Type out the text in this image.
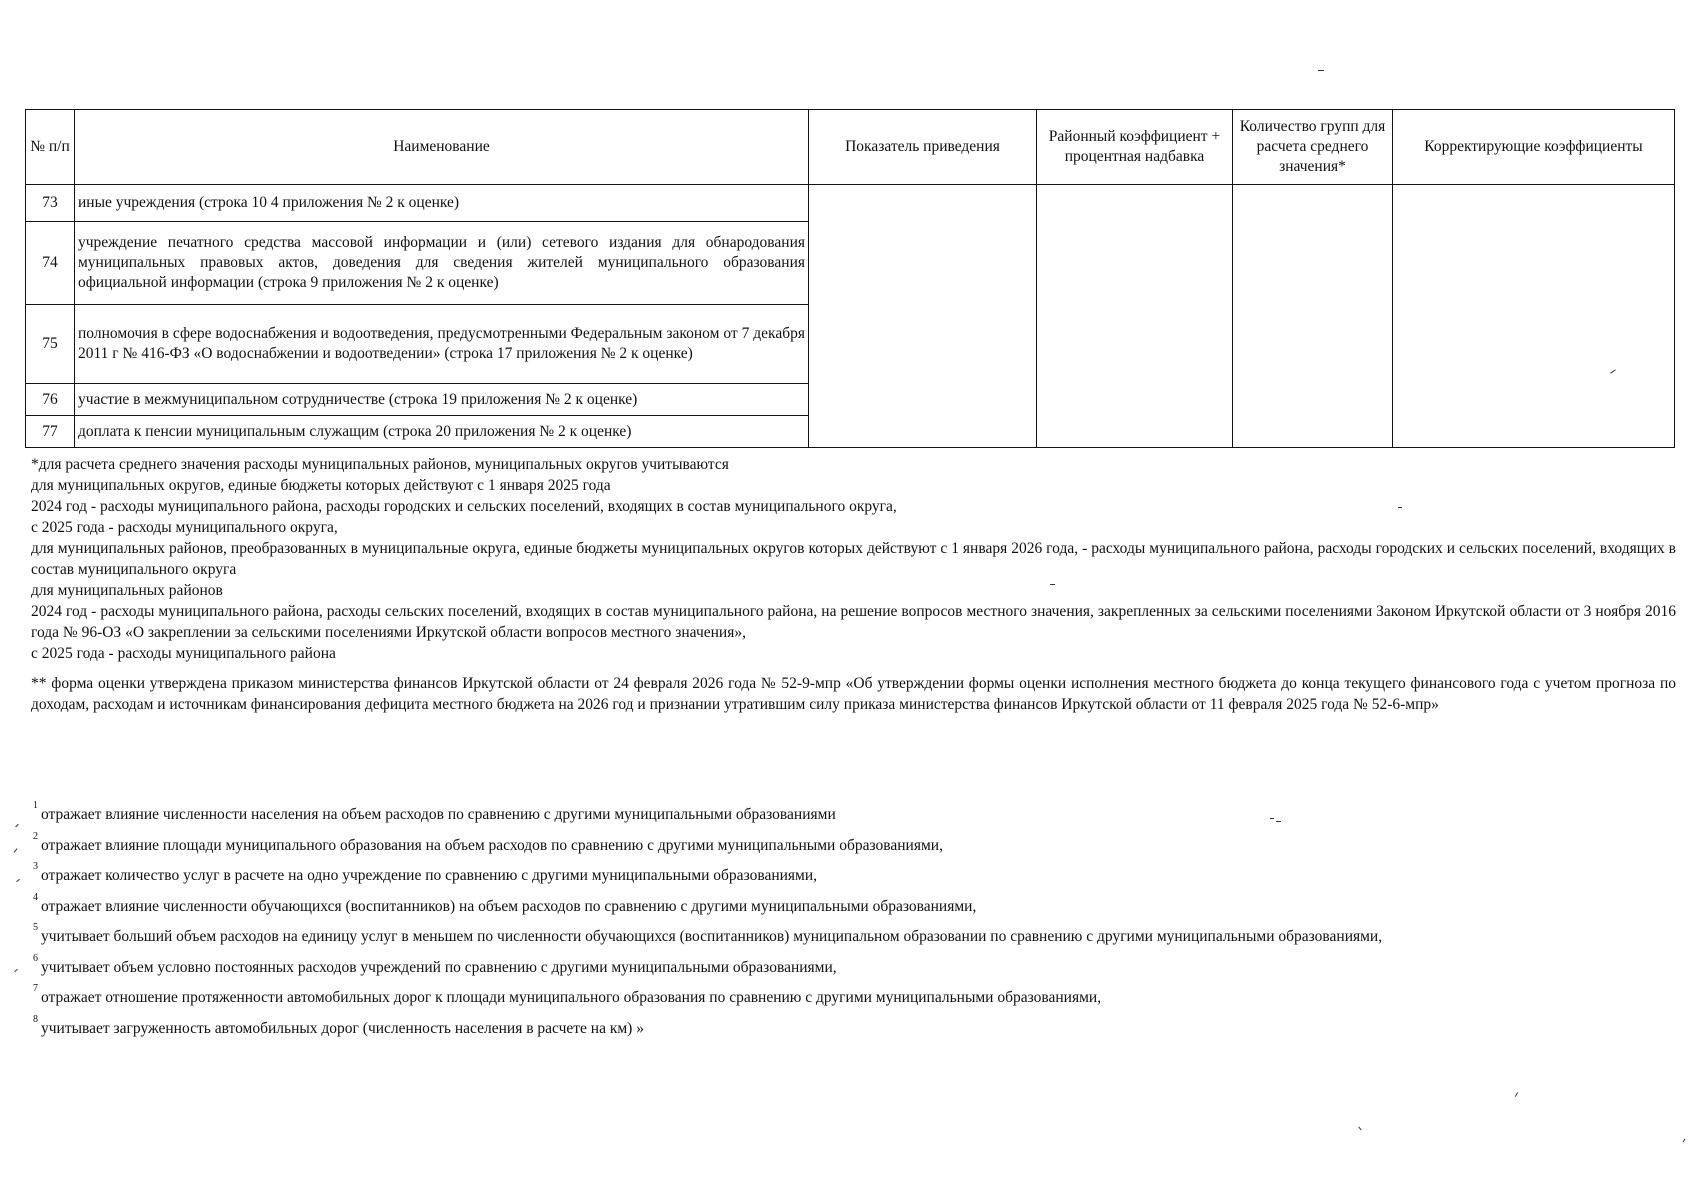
№ п/п	Наименование	Показатель приведения	Районный коэффициент + процентная надбавка	Количество групп для расчета среднего значения*	Корректирующие коэффициенты
73	иные учреждения (строка 10 4 приложения № 2 к оценке)				
74	учреждение печатного средства массовой информации и (или) сетевого издания для обнародования муниципальных правовых актов, доведения для сведения жителей муниципального образования официальной информации (строка 9 приложения № 2 к оценке)				
75	полномочия в сфере водоснабжения и водоотведения, предусмотренными Федеральным законом от 7 декабря 2011 г № 416-ФЗ «О водоснабжении и водоотведении» (строка 17 приложения № 2 к оценке)				
76	участие в межмуниципальном сотрудничестве (строка 19 приложения № 2 к оценке)				
77	доплата к пенсии муниципальным служащим (строка 20 приложения № 2 к оценке)				

*для расчета среднего значения расходы муниципальных районов, муниципальных округов учитываются

для муниципальных округов, единые бюджеты которых действуют с 1 января 2025 года

2024 год - расходы муниципального района, расходы городских и сельских поселений, входящих в состав муниципального округа,

с 2025 года - расходы муниципального округа,

для муниципальных районов, преобразованных в муниципальные округа, единые бюджеты муниципальных округов которых действуют с 1 января 2026 года, - расходы муниципального района, расходы городских и сельских поселений, входящих в состав муниципального округа

для муниципальных районов

2024 год - расходы муниципального района, расходы сельских поселений, входящих в состав муниципального района, на решение вопросов местного значения, закрепленных за сельскими поселениями Законом Иркутской области от 3 ноября 2016 года № 96-ОЗ «О закреплении за сельскими поселениями Иркутской области вопросов местного значения»,

с 2025 года - расходы муниципального района

** форма оценки утверждена приказом министерства финансов Иркутской области от 24 февраля 2026 года № 52-9-мпр «Об утверждении формы оценки исполнения местного бюджета до конца текущего финансового года с учетом прогноза по доходам, расходам и источникам финансирования дефицита местного бюджета на 2026 год и признании утратившим силу приказа министерства финансов Иркутской области от 11 февраля 2025 года № 52-6-мпр»

$^1$отражает влияние численности населения на объем расходов по сравнению с другими муниципальными образованиями
$^2$отражает влияние площади муниципального образования на объем расходов по сравнению с другими муниципальными образованиями,
$^3$отражает количество услуг в расчете на одно учреждение по сравнению с другими муниципальными образованиями,
$^4$отражает влияние численности обучающихся (воспитанников) на объем расходов по сравнению с другими муниципальными образованиями,
$^5$учитывает больший объем расходов на единицу услуг в меньшем по численности обучающихся (воспитанников) муниципальном образовании по сравнению с другими муниципальными образованиями,
$^6$учитывает объем условно постоянных расходов учреждений по сравнению с другими муниципальными образованиями,
$^7$отражает отношение протяженности автомобильных дорог к площади муниципального образования по сравнению с другими муниципальными образованиями,
$^8$учитывает загруженность автомобильных дорог (численность населения в расчете на км) »
